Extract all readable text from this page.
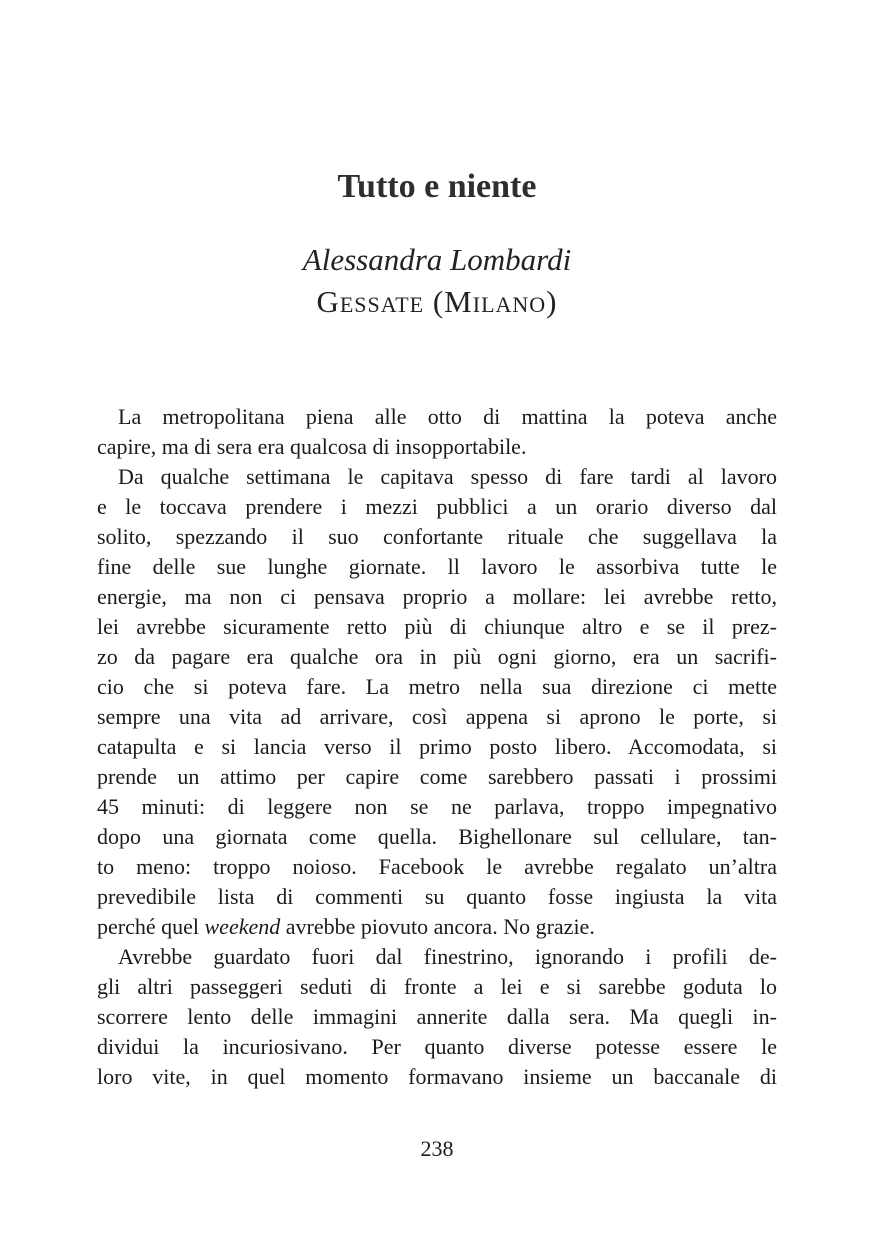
Tutto e niente
Alessandra Lombardi
Gessate (Milano)
La metropolitana piena alle otto di mattina la poteva anche
capire, ma di sera era qualcosa di insopportabile.
Da qualche settimana le capitava spesso di fare tardi al lavoro
e le toccava prendere i mezzi pubblici a un orario diverso dal
solito, spezzando il suo confortante rituale che suggellava la
fine delle sue lunghe giornate. ll lavoro le assorbiva tutte le
energie, ma non ci pensava proprio a mollare: lei avrebbe retto,
lei avrebbe sicuramente retto più di chiunque altro e se il prez-
zo da pagare era qualche ora in più ogni giorno, era un sacrifi-
cio che si poteva fare. La metro nella sua direzione ci mette
sempre una vita ad arrivare, così appena si aprono le porte, si
catapulta e si lancia verso il primo posto libero. Accomodata, si
prende un attimo per capire come sarebbero passati i prossimi
45 minuti: di leggere non se ne parlava, troppo impegnativo
dopo una giornata come quella. Bighellonare sul cellulare, tan-
to meno: troppo noioso. Facebook le avrebbe regalato un’altra
prevedibile lista di commenti su quanto fosse ingiusta la vita
perché quel weekend avrebbe piovuto ancora. No grazie.
Avrebbe guardato fuori dal finestrino, ignorando i profili de-
gli altri passeggeri seduti di fronte a lei e si sarebbe goduta lo
scorrere lento delle immagini annerite dalla sera. Ma quegli in-
dividui la incuriosivano. Per quanto diverse potesse essere le
loro vite, in quel momento formavano insieme un baccanale di
238
